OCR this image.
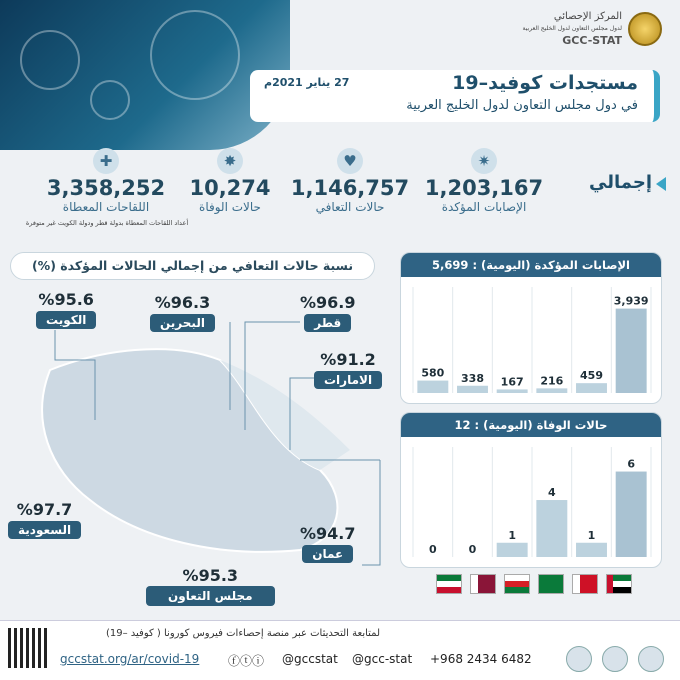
المركز الإحصائي
لدول مجلس التعاون لدول الخليج العربية
GCC-STAT
مستجدات كوفيد–19
في دول مجلس التعاون لدول الخليج العربية
27 يناير 2021م
إجمالي
✷
1,203,167
الإصابات المؤكدة
♥
1,146,757
حالات التعافي
✸
10,274
حالات الوفاة
✚
3,358,252
اللقاحات المعطاة
أعداد اللقاحات المعطاة بدولة قطر ودولة الكويت غير متوفرة
نسبة حالات التعافي من إجمالي الحالات المؤكدة (%)
%95.6
الكويت
%96.3
البحرين
%96.9
قطر
%91.2
الامارات
%97.7
السعودية	%94.7
عمان
%95.3
مجلس التعاون
الإصابات المؤكدة (اليومية) : 5,699
580 338 167 216 459
3,939
حالات الوفاة (اليومية) : 12
0	0
1
4
1
6
لمتابعة التحديثات عبر منصة إحصاءات فيروس كورونا ( كوفيد –19)
gccstat.org/ar/covid-19 ⓕⓣⓘ @gccstat @gcc-stat +968 2434 6482
